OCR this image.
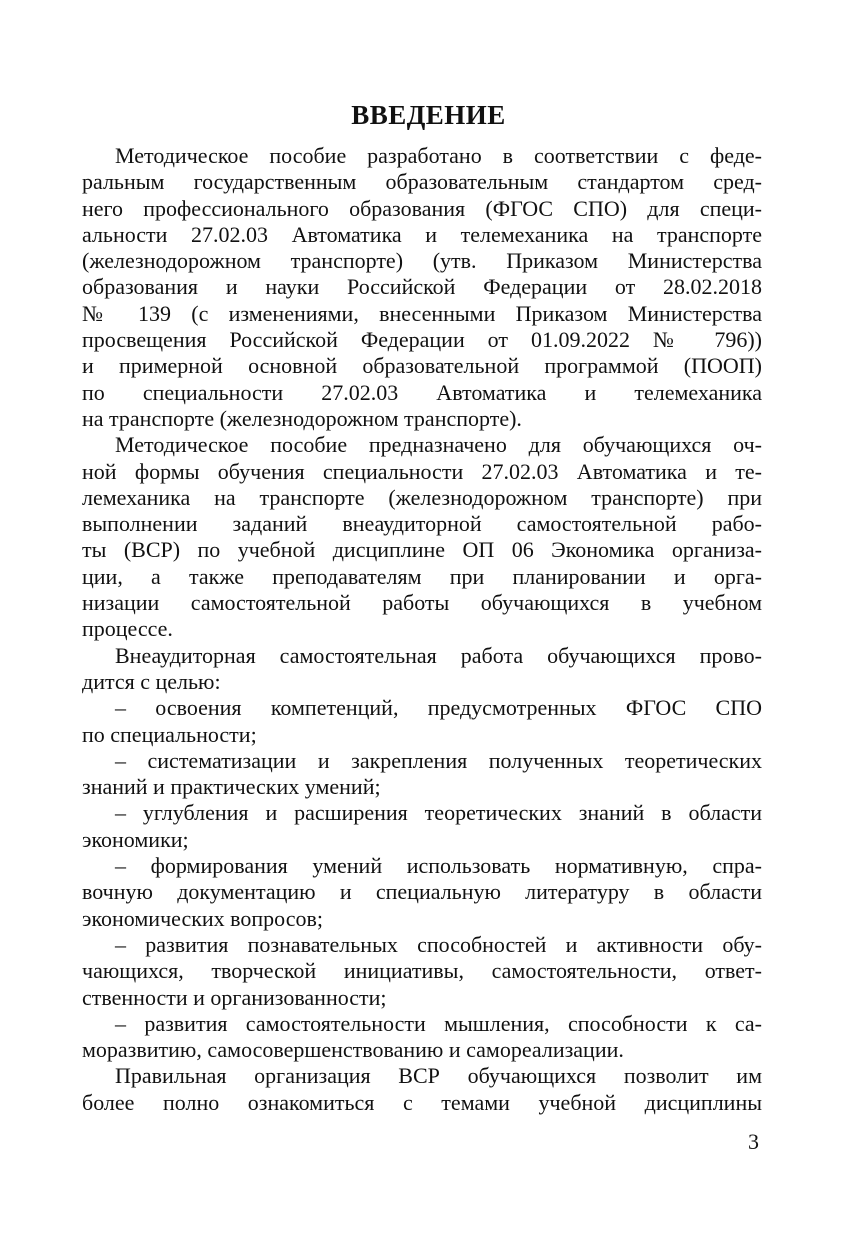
ВВЕДЕНИЕ
Методическое пособие разработано в соответствии с феде-
ральным государственным образовательным стандартом сред-
него профессионального образования (ФГОС СПО) для специ-
альности 27.02.03 Автоматика и телемеханика на транспорте
(железнодорожном транспорте) (утв. Приказом Министерства
образования и науки Российской Федерации от 28.02.2018
№ 139 (с изменениями, внесенными Приказом Министерства
просвещения Российской Федерации от 01.09.2022 № 796))
и примерной основной образовательной программой (ПООП)
по специальности 27.02.03 Автоматика и телемеханика
на транспорте (железнодорожном транспорте).
Методическое пособие предназначено для обучающихся оч-
ной формы обучения специальности 27.02.03 Автоматика и те-
лемеханика на транспорте (железнодорожном транспорте) при
выполнении заданий внеаудиторной самостоятельной рабо-
ты (ВСР) по учебной дисциплине ОП 06 Экономика организа-
ции, а также преподавателям при планировании и орга-
низации самостоятельной работы обучающихся в учебном
процессе.
Внеаудиторная самостоятельная работа обучающихся прово-
дится с целью:
– освоения компетенций, предусмотренных ФГОС СПО
по специальности;
– систематизации и закрепления полученных теоретических
знаний и практических умений;
– углубления и расширения теоретических знаний в области
экономики;
– формирования умений использовать нормативную, спра-
вочную документацию и специальную литературу в области
экономических вопросов;
– развития познавательных способностей и активности обу-
чающихся, творческой инициативы, самостоятельности, ответ-
ственности и организованности;
– развития самостоятельности мышления, способности к са-
моразвитию, самосовершенствованию и самореализации.
Правильная организация ВСР обучающихся позволит им
более полно ознакомиться с темами учебной дисциплины
3
